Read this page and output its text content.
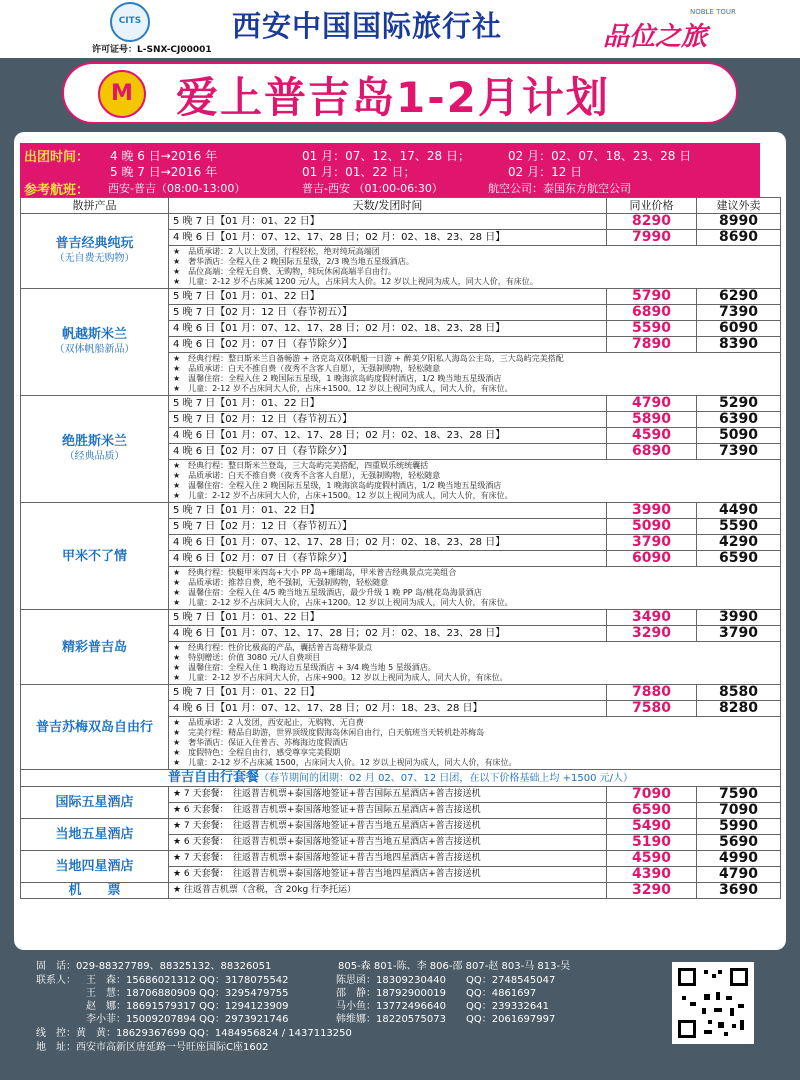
CITS
许可证号：L-SNX-CJ00001
西安中国国际旅行社	品位之旅
NOBLE TOUR
M	爱上普吉岛1-2月计划
出团时间： 4 晚 6 日→2016 年	01 月：07、12、17、28 日；	02 月：02、07、18、23、28 日
5 晚 7 日→2016 年	01 月：01、22 日；	02 月：12 日
参考航班： 西安-普吉（08:00-13:00）	普吉-西安 （01:00-06:30）	航空公司：泰国东方航空公司
散拼产品	天数/发团时间	同业价格	建议外卖
普吉经典纯玩
（无自费无购物）	5 晚 7 日【01 月：01、22 日】	8290	8990
	4 晚 6 日【01 月：07、12、17、28 日；02 月：02、18、23、28 日】	7990	8690

	★　品质承诺：2 人以上发团，行程轻松，绝对纯玩高端团
★　奢华酒店：全程入住 2 晚国际五星级，2/3 晚当地五星级酒店。
★　品位高端：全程无自费、无购物，纯玩休闲高端半自由行。
★　儿童：2-12 岁不占床减 1200 元/人，占床同大人价。12 岁以上视同为成人，同大人价，有床位。		

帆越斯米兰
（双体帆船新品）	5 晚 7 日【01 月：01、22 日】	5790	6290
	5 晚 7 日【02 月：12 日（春节初五）】	6890	7390
	4 晚 6 日【01 月：07、12、17、28 日；02 月：02、18、23、28 日】	5590	6090
	4 晚 6 日【02 月：07 日（春节除夕）】	7890	8390

	★　经典行程：整日斯米兰自备畅游 + 洛克岛双体帆船一日游 + 醉美夕阳私人海岛公主岛，三大岛屿完美搭配
★　品质承诺：白天不推自费（夜秀不含客人自愿），无强制购物，轻松随意
★　温馨住宿：全程入住 2 晚国际五星级，1 晚海滨岛屿度假村酒店，1/2 晚当地五星级酒店
★　儿童：2-12 岁不占床同大人价，占床+1500。12 岁以上视同为成人，同大人价，有床位。		

绝胜斯米兰
（经典品质）	5 晚 7 日【01 月：01、22 日】	4790	5290
	5 晚 7 日【02 月：12 日（春节初五）】	5890	6390
	4 晚 6 日【01 月：07、12、17、28 日；02 月：02、18、23、28 日】	4590	5090
	4 晚 6 日【02 月：07 日（春节除夕）】	6890	7390

	★　经典行程：整日斯米兰登岛，三大岛屿完美搭配，四重娱乐统统囊括
★　品质承诺：白天不推自费（夜秀不含客人自愿），无强制购物，轻松随意
★　温馨住宿：全程入住 2 晚国际五星级，1 晚海滨岛屿度假村酒店，1/2 晚当地五星级酒店
★　儿童：2-12 岁不占床同大人价，占床+1500。12 岁以上视同为成人，同大人价，有床位。		

甲米不了情	5 晚 7 日【01 月：01、22 日】	3990	4490
	5 晚 7 日【02 月：12 日（春节初五）】	5090	5590
	4 晚 6 日【01 月：07、12、17、28 日；02 月：02、18、23、28 日】	3790	4290
	4 晚 6 日【02 月：07 日（春节除夕）】	6090	6590

	★　经典行程：快艇甲米四岛+大小 PP 岛+珊瑚岛，甲米普吉经典景点完美组合
★　品质承诺：推荐自费，绝不强制，无强制购物，轻松随意
★　温馨住宿：全程入住 4/5 晚当地五星级酒店，最少升级 1 晚 PP 岛/桃花岛海景酒店
★　儿童：2-12 岁不占床同大人价，占床+1200。12 岁以上视同为成人，同大人价，有床位。		

精彩普吉岛	5 晚 7 日【01 月：01、22 日】	3490	3990
	4 晚 6 日【01 月：07、12、17、28 日；02 月：02、18、23、28 日】	3290	3790

	★　经典行程：性价比极高的产品，囊括普吉岛精华景点
★　特别赠送：价值 3080 元/人自费项目
★　温馨住宿：全程入住 1 晚海边五星级酒店 + 3/4 晚当地 5 星级酒店。
★　儿童：2-12 岁不占床同大人价，占床+900。12 岁以上视同为成人，同大人价，有床位。		

普吉苏梅双岛自由行	5 晚 7 日【01 月：01、22 日】	7880	8580
	4 晚 6 日【01 月：07、12、17、28 日；02 月：18、23、28 日】	7580	8280

	★　品质承诺：2 人发团，西安起止，无购物、无自费
★　完美行程：精品自助游，世界顶级度假海岛休闲自由行，白天航班当天转机赴苏梅岛
★　奢华酒店：保证入住普吉、苏梅海边度假酒店
★　度假特色：全程自由行，感受尊享完美假期
★　儿童：2-12 岁不占床减 1500，占床同大人价。12 岁以上视同为成人，同大人价，有床位。		

普吉自由行套餐（春节期间的团期：02 月 02、07、12 日团，在以下价格基础上均 +1500 元/人）			
国际五星酒店	★ 7 天套餐：　往返普吉机票+泰国落地签证+普吉国际五星酒店+普吉接送机	7090	7590
	★ 6 天套餐：　往返普吉机票+泰国落地签证+普吉国际五星酒店+普吉接送机	6590	7090
当地五星酒店	★ 7 天套餐：　往返普吉机票+泰国落地签证+普吉当地五星酒店+普吉接送机	5490	5990
	★ 6 天套餐：　往返普吉机票+泰国落地签证+普吉当地五星酒店+普吉接送机	5190	5690
当地四星酒店	★ 7 天套餐：　往返普吉机票+泰国落地签证+普吉当地四星酒店+普吉接送机	4590	4990
	★ 6 天套餐：　往返普吉机票+泰国落地签证+普吉当地四星酒店+普吉接送机	4390	4790
机　　票	★ 往返普吉机票（含税，含 20kg 行李托运）	3290	3690
固　话：029-88327789、88325132、88326051	805-森 801-陈、李 806-邵 807-赵 803-马 813-吴
联系人： 王　森：15686021312 QQ：3178075542
王　慧：18706880909 QQ：3295479755
赵　娜：18691579317 QQ：1294123909
李小菲：15009207894 QQ：2973921746
陈思函：18309230440　　QQ：2748545047
邵　静：18792900019　　QQ：4861697
马小鱼：13772496640　　QQ：239332641
韩维娜：18220575073　　QQ：2061697997
线　控：黄　黄：18629367699 QQ：1484956824 / 1437113250
地　址：西安市高新区唐延路一号旺座国际C座1602
